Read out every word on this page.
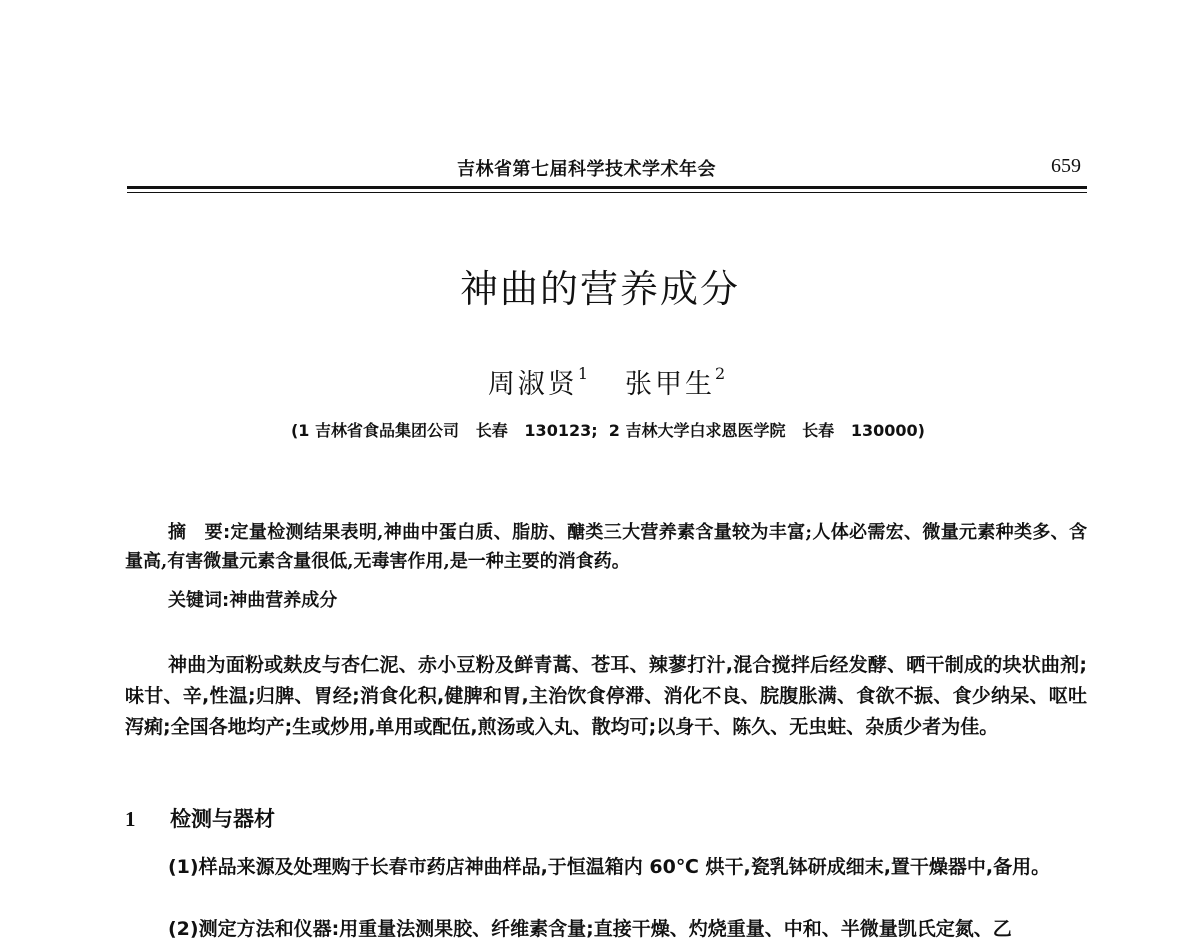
吉林省第七届科学技术学术年会	659
神曲的营养成分
周淑贤$^1$ 张甲生$^2$
(1 吉林省食品集团公司   长春   130123;  2 吉林大学白求恩医学院   长春   130000)
摘　要:定量检测结果表明,神曲中蛋白质、脂肪、醣类三大营养素含量较为丰富;人体必需宏、微量元素种类多、含量高,有害微量元素含量很低,无毒害作用,是一种主要的消食药。
关键词:神曲营养成分
神曲为面粉或麸皮与杏仁泥、赤小豆粉及鲜青蒿、苍耳、辣蓼打汁,混合搅拌后经发酵、晒干制成的块状曲剂;味甘、辛,性温;归脾、胃经;消食化积,健脾和胃,主治饮食停滞、消化不良、脘腹胀满、食欲不振、食少纳呆、呕吐泻痢;全国各地均产;生或炒用,单用或配伍,煎汤或入丸、散均可;以身干、陈久、无虫蛀、杂质少者为佳。
1 检测与器材
(1)样品来源及处理购于长春市药店神曲样品,于恒温箱内 60℃ 烘干,瓷乳钵研成细末,置干燥器中,备用。
(2)测定方法和仪器:用重量法测果胶、纤维素含量;直接干燥、灼烧重量、中和、半微量凯氏定氮、乙
